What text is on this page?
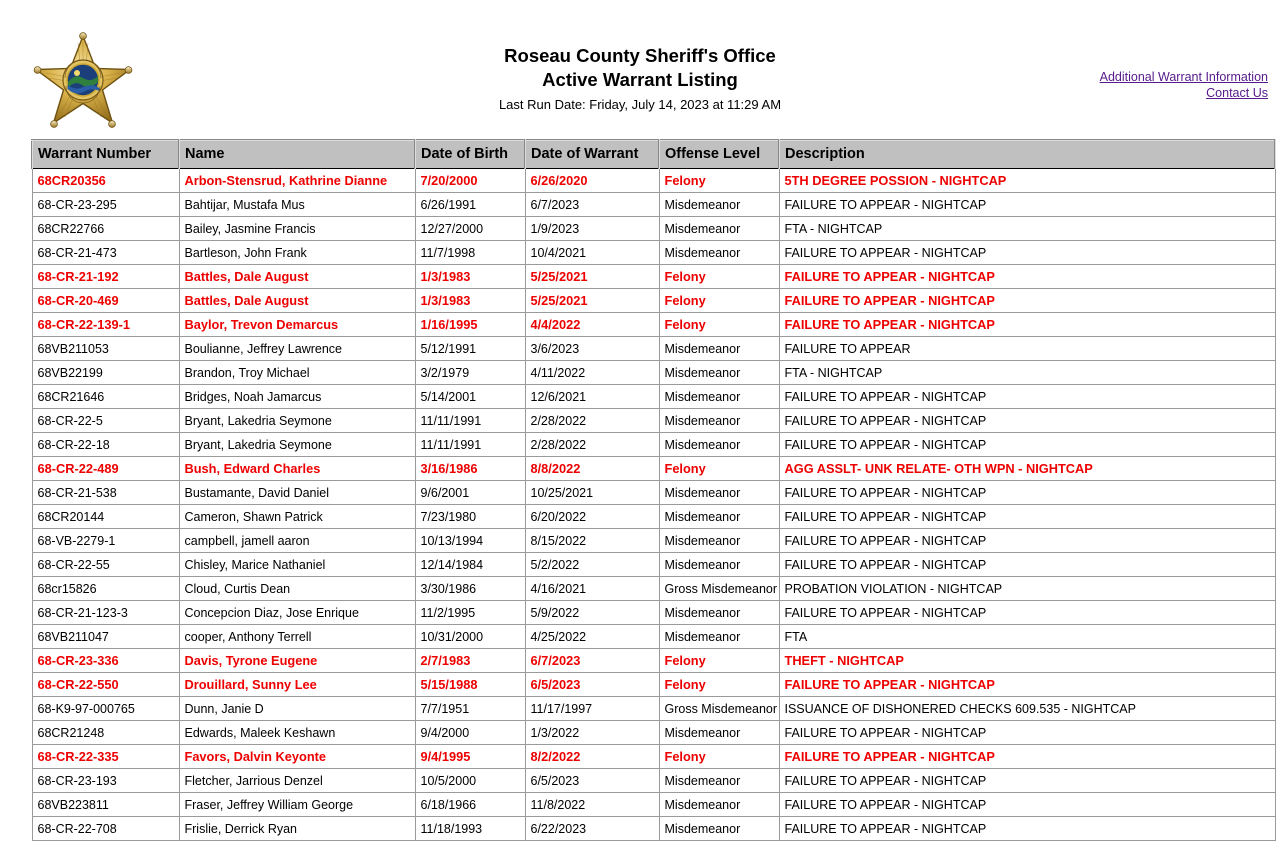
Roseau County Sheriff's Office
Active Warrant Listing
Last Run Date: Friday, July 14, 2023 at 11:29 AM
Additional Warrant Information
Contact Us
Warrant Number	Name	Date of Birth	Date of Warrant	Offense Level	Description
68CR20356	Arbon-Stensrud, Kathrine Dianne	7/20/2000	6/26/2020	Felony	5TH DEGREE POSSION - NIGHTCAP
68-CR-23-295	Bahtijar, Mustafa Mus	6/26/1991	6/7/2023	Misdemeanor	FAILURE TO APPEAR - NIGHTCAP
68CR22766	Bailey, Jasmine Francis	12/27/2000	1/9/2023	Misdemeanor	FTA - NIGHTCAP
68-CR-21-473	Bartleson, John Frank	11/7/1998	10/4/2021	Misdemeanor	FAILURE TO APPEAR - NIGHTCAP
68-CR-21-192	Battles, Dale August	1/3/1983	5/25/2021	Felony	FAILURE TO APPEAR - NIGHTCAP
68-CR-20-469	Battles, Dale August	1/3/1983	5/25/2021	Felony	FAILURE TO APPEAR - NIGHTCAP
68-CR-22-139-1	Baylor, Trevon Demarcus	1/16/1995	4/4/2022	Felony	FAILURE TO APPEAR - NIGHTCAP
68VB211053	Boulianne, Jeffrey Lawrence	5/12/1991	3/6/2023	Misdemeanor	FAILURE TO APPEAR
68VB22199	Brandon, Troy Michael	3/2/1979	4/11/2022	Misdemeanor	FTA - NIGHTCAP
68CR21646	Bridges, Noah Jamarcus	5/14/2001	12/6/2021	Misdemeanor	FAILURE TO APPEAR - NIGHTCAP
68-CR-22-5	Bryant, Lakedria Seymone	11/11/1991	2/28/2022	Misdemeanor	FAILURE TO APPEAR - NIGHTCAP
68-CR-22-18	Bryant, Lakedria Seymone	11/11/1991	2/28/2022	Misdemeanor	FAILURE TO APPEAR - NIGHTCAP
68-CR-22-489	Bush, Edward Charles	3/16/1986	8/8/2022	Felony	AGG ASSLT- UNK RELATE- OTH WPN - NIGHTCAP
68-CR-21-538	Bustamante, David Daniel	9/6/2001	10/25/2021	Misdemeanor	FAILURE TO APPEAR - NIGHTCAP
68CR20144	Cameron, Shawn Patrick	7/23/1980	6/20/2022	Misdemeanor	FAILURE TO APPEAR - NIGHTCAP
68-VB-2279-1	campbell, jamell aaron	10/13/1994	8/15/2022	Misdemeanor	FAILURE TO APPEAR - NIGHTCAP
68-CR-22-55	Chisley, Marice Nathaniel	12/14/1984	5/2/2022	Misdemeanor	FAILURE TO APPEAR - NIGHTCAP
68cr15826	Cloud, Curtis Dean	3/30/1986	4/16/2021	Gross Misdemeanor	PROBATION VIOLATION - NIGHTCAP
68-CR-21-123-3	Concepcion Diaz, Jose Enrique	11/2/1995	5/9/2022	Misdemeanor	FAILURE TO APPEAR - NIGHTCAP
68VB211047	cooper, Anthony Terrell	10/31/2000	4/25/2022	Misdemeanor	FTA
68-CR-23-336	Davis, Tyrone Eugene	2/7/1983	6/7/2023	Felony	THEFT - NIGHTCAP
68-CR-22-550	Drouillard, Sunny Lee	5/15/1988	6/5/2023	Felony	FAILURE TO APPEAR - NIGHTCAP
68-K9-97-000765	Dunn, Janie D	7/7/1951	11/17/1997	Gross Misdemeanor	ISSUANCE OF DISHONERED CHECKS 609.535 - NIGHTCAP
68CR21248	Edwards, Maleek Keshawn	9/4/2000	1/3/2022	Misdemeanor	FAILURE TO APPEAR - NIGHTCAP
68-CR-22-335	Favors, Dalvin Keyonte	9/4/1995	8/2/2022	Felony	FAILURE TO APPEAR - NIGHTCAP
68-CR-23-193	Fletcher, Jarrious Denzel	10/5/2000	6/5/2023	Misdemeanor	FAILURE TO APPEAR - NIGHTCAP
68VB223811	Fraser, Jeffrey William George	6/18/1966	11/8/2022	Misdemeanor	FAILURE TO APPEAR - NIGHTCAP
68-CR-22-708	Frislie, Derrick Ryan	11/18/1993	6/22/2023	Misdemeanor	FAILURE TO APPEAR - NIGHTCAP
